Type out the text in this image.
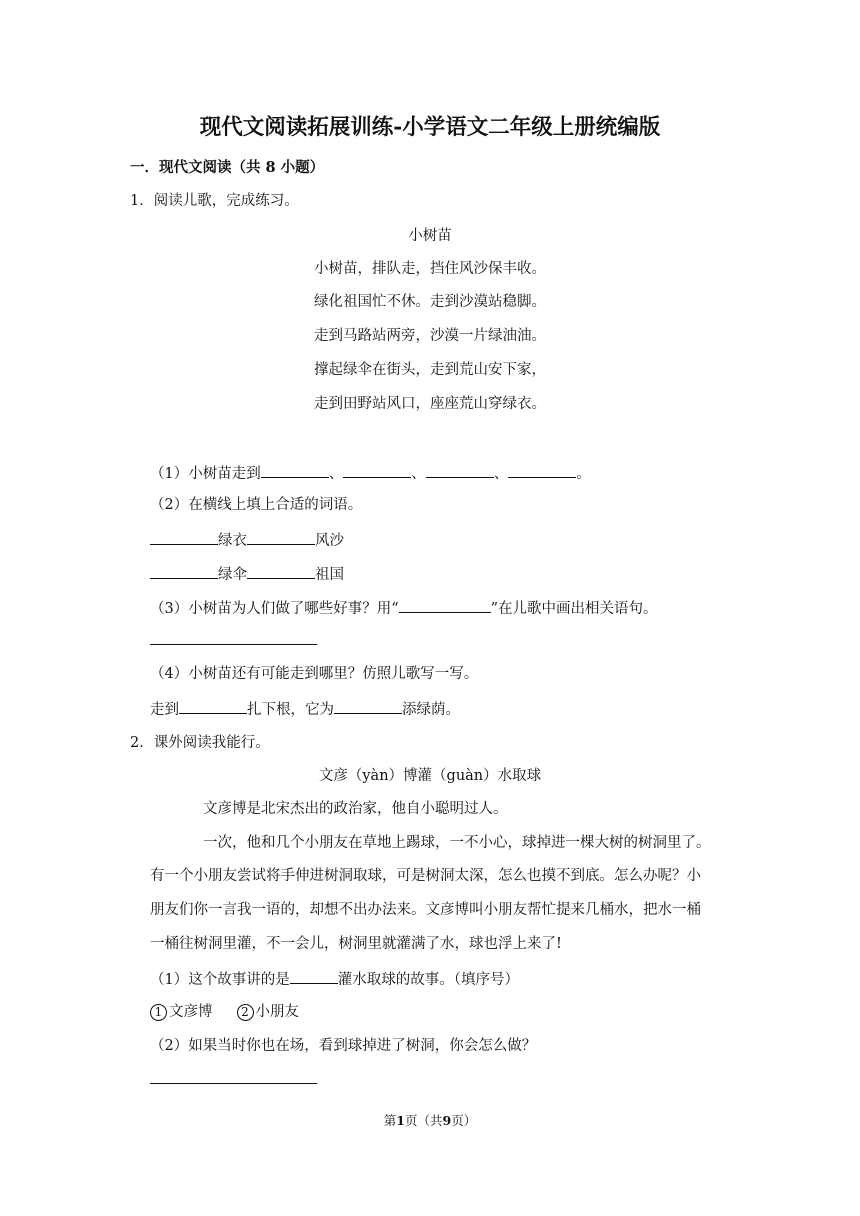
现代文阅读拓展训练-小学语文二年级上册统编版
一．现代文阅读（共 8 小题）
1．阅读儿歌，完成练习。
小树苗
小树苗，排队走，挡住风沙保丰收。
绿化祖国忙不休。走到沙漠站稳脚。
走到马路站两旁，沙漠一片绿油油。
撑起绿伞在街头，走到荒山安下家，
走到田野站风口，座座荒山穿绿衣。
（1）小树苗走到	、	、	、	。
（2）在横线上填上合适的词语。
绿衣	风沙
绿伞	祖国
（3）小树苗为人们做了哪些好事？用“	”在儿歌中画出相关语句。
（4）小树苗还有可能走到哪里？仿照儿歌写一写。
走到	扎下根，它为	添绿荫。
2．课外阅读我能行。
文彦（yàn）博灌（guàn）水取球
文彦博是北宋杰出的政治家，他自小聪明过人。
一次，他和几个小朋友在草地上踢球，一不小心，球掉进一棵大树的树洞里了。
有一个小朋友尝试将手伸进树洞取球，可是树洞太深，怎么也摸不到底。怎么办呢？小
朋友们你一言我一语的，却想不出办法来。文彦博叫小朋友帮忙提来几桶水，把水一桶
一桶往树洞里灌，不一会儿，树洞里就灌满了水，球也浮上来了!
（1）这个故事讲的是	灌水取球的故事。（填序号）
1 文彦博 2 小朋友
（2）如果当时你也在场，看到球掉进了树洞，你会怎么做？
第1页（共9页）
